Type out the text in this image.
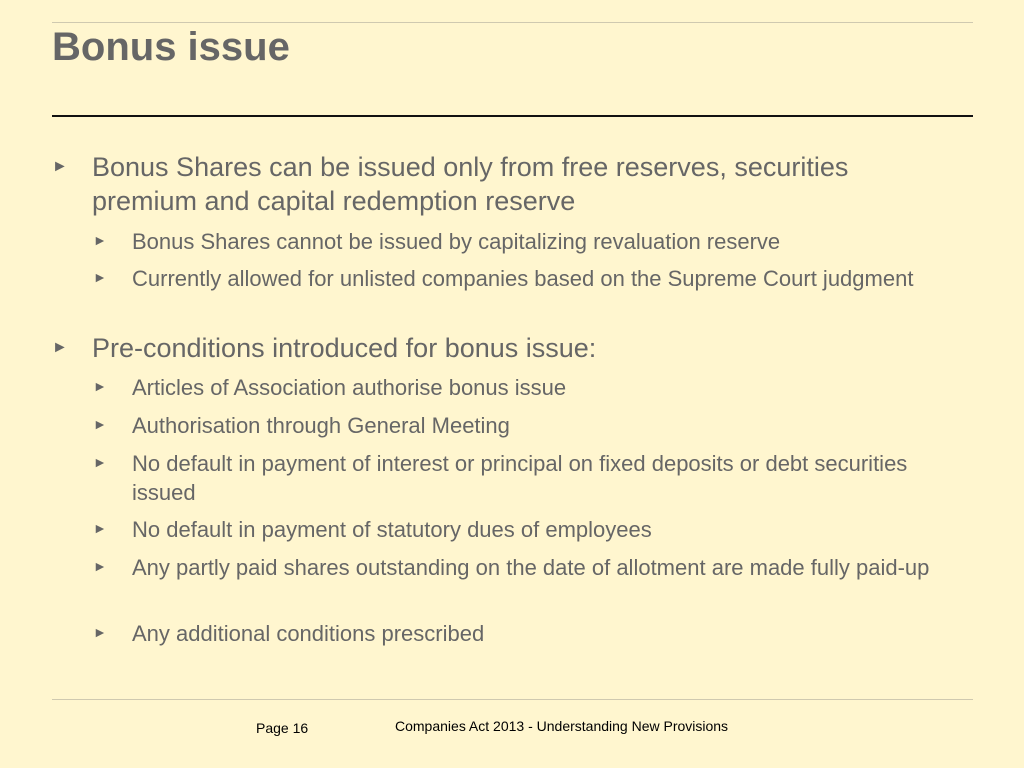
Bonus issue

► Bonus Shares can be issued only from free reserves, securities premium and capital redemption reserve

► Bonus Shares cannot be issued by capitalizing revaluation reserve

► Currently allowed for unlisted companies based on the Supreme Court judgment

► Pre-conditions introduced for bonus issue:

► Articles of Association authorise bonus issue

► Authorisation through General Meeting

► No default in payment of interest or principal on fixed deposits or debt securities issued

► No default in payment of statutory dues of employees

► Any partly paid shares outstanding on the date of allotment are made fully paid-up

► Any additional conditions prescribed

Page 16	Companies Act 2013 - Understanding New Provisions
